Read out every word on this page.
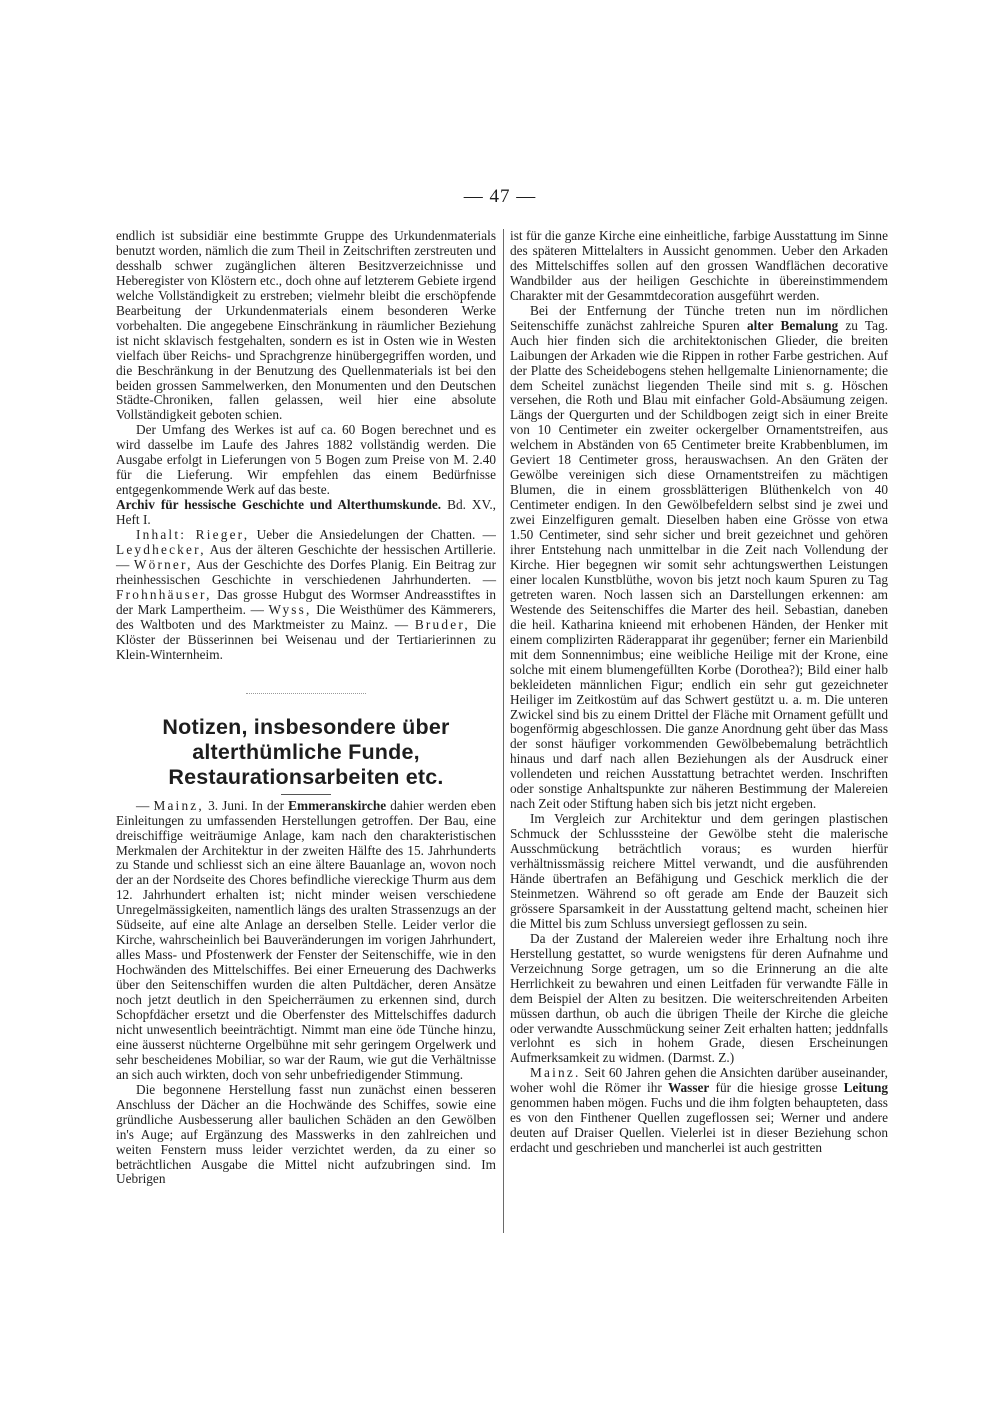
— 47 —

endlich ist subsidiär eine bestimmte Gruppe des Urkundenmaterials benutzt worden, nämlich die zum Theil in Zeitschriften zerstreuten und desshalb schwer zugänglichen älteren Besitzverzeichnisse und Heberegister von Klöstern etc., doch ohne auf letzterem Gebiete irgend welche Vollständigkeit zu erstreben; vielmehr bleibt die erschöpfende Bearbeitung der Urkundenmaterials einem besonderen Werke vorbehalten. Die angegebene Einschränkung in räumlicher Beziehung ist nicht sklavisch festgehalten, sondern es ist in Osten wie in Westen vielfach über Reichs- und Sprachgrenze hinübergegriffen worden, und die Beschränkung in der Benutzung des Quellenmaterials ist bei den beiden grossen Sammelwerken, den Monumenten und den Deutschen Städte-Chroniken, fallen gelassen, weil hier eine absolute Vollständigkeit geboten schien.

Der Umfang des Werkes ist auf ca. 60 Bogen berechnet und es wird dasselbe im Laufe des Jahres 1882 vollständig werden. Die Ausgabe erfolgt in Lieferungen von 5 Bogen zum Preise von M. 2.40 für die Lieferung. Wir empfehlen das einem Bedürfnisse entgegenkommende Werk auf das beste.

Archiv für hessische Geschichte und Alterthumskunde. Bd. XV., Heft I.

Inhalt: Rieger, Ueber die Ansiedelungen der Chatten. — Leydhecker, Aus der älteren Geschichte der hessischen Artillerie. — Wörner, Aus der Geschichte des Dorfes Planig. Ein Beitrag zur rheinhessischen Geschichte in verschiedenen Jahrhunderten. — Frohnhäuser, Das grosse Hubgut des Wormser Andreasstiftes in der Mark Lampertheim. — Wyss, Die Weisthümer des Kämmerers, des Waltboten und des Marktmeister zu Mainz. — Bruder, Die Klöster der Büsserinnen bei Weisenau und der Tertiarierinnen zu Klein-Winternheim.

Notizen, insbesondere über alterthümliche Funde, Restaurationsarbeiten etc.

— Mainz, 3. Juni. In der Emmeranskirche dahier werden eben Einleitungen zu umfassenden Herstellungen getroffen. Der Bau, eine dreischiffige weiträumige Anlage, kam nach den charakteristischen Merkmalen der Architektur in der zweiten Hälfte des 15. Jahrhunderts zu Stande und schliesst sich an eine ältere Bauanlage an, wovon noch der an der Nordseite des Chores befindliche viereckige Thurm aus dem 12. Jahrhundert erhalten ist; nicht minder weisen verschiedene Unregelmässigkeiten, namentlich längs des uralten Strassenzugs an der Südseite, auf eine alte Anlage an derselben Stelle. Leider verlor die Kirche, wahrscheinlich bei Bauveränderungen im vorigen Jahrhundert, alles Mass- und Pfostenwerk der Fenster der Seitenschiffe, wie in den Hochwänden des Mittelschiffes. Bei einer Erneuerung des Dachwerks über den Seitenschiffen wurden die alten Pultdächer, deren Ansätze noch jetzt deutlich in den Speicherräumen zu erkennen sind, durch Schopfdächer ersetzt und die Oberfenster des Mittelschiffes dadurch nicht unwesentlich beeinträchtigt. Nimmt man eine öde Tünche hinzu, eine äusserst nüchterne Orgelbühne mit sehr geringem Orgelwerk und sehr bescheidenes Mobiliar, so war der Raum, wie gut die Verhältnisse an sich auch wirkten, doch von sehr unbefriedigender Stimmung.

Die begonnene Herstellung fasst nun zunächst einen besseren Anschluss der Dächer an die Hochwände des Schiffes, sowie eine gründliche Ausbesserung aller baulichen Schäden an den Gewölben in's Auge; auf Ergänzung des Masswerks in den zahlreichen und weiten Fenstern muss leider verzichtet werden, da zu einer so beträchtlichen Ausgabe die Mittel nicht aufzubringen sind. Im Uebrigen

ist für die ganze Kirche eine einheitliche, farbige Ausstattung im Sinne des späteren Mittelalters in Aussicht genommen. Ueber den Arkaden des Mittelschiffes sollen auf den grossen Wandflächen decorative Wandbilder aus der heiligen Geschichte in übereinstimmendem Charakter mit der Gesammtdecoration ausgeführt werden.

Bei der Entfernung der Tünche treten nun im nördlichen Seitenschiffe zunächst zahlreiche Spuren alter Bemalung zu Tag. Auch hier finden sich die architektonischen Glieder, die breiten Laibungen der Arkaden wie die Rippen in rother Farbe gestrichen. Auf der Platte des Scheidebogens stehen hellgemalte Linienornamente; die dem Scheitel zunächst liegenden Theile sind mit s. g. Höschen versehen, die Roth und Blau mit einfacher Gold-Absäumung zeigen. Längs der Quergurten und der Schildbogen zeigt sich in einer Breite von 10 Centimeter ein zweiter ockergelber Ornamentstreifen, aus welchem in Abständen von 65 Centimeter breite Krabbenblumen, im Geviert 18 Centimeter gross, herauswachsen. An den Gräten der Gewölbe vereinigen sich diese Ornamentstreifen zu mächtigen Blumen, die in einem grossblätterigen Blüthenkelch von 40 Centimeter endigen. In den Gewölbefeldern selbst sind je zwei und zwei Einzelfiguren gemalt. Dieselben haben eine Grösse von etwa 1.50 Centimeter, sind sehr sicher und breit gezeichnet und gehören ihrer Entstehung nach unmittelbar in die Zeit nach Vollendung der Kirche. Hier begegnen wir somit sehr achtungswerthen Leistungen einer localen Kunstblüthe, wovon bis jetzt noch kaum Spuren zu Tag getreten waren. Noch lassen sich an Darstellungen erkennen: am Westende des Seitenschiffes die Marter des heil. Sebastian, daneben die heil. Katharina knieend mit erhobenen Händen, der Henker mit einem complizirten Räderapparat ihr gegenüber; ferner ein Marienbild mit dem Sonnennimbus; eine weibliche Heilige mit der Krone, eine solche mit einem blumengefüllten Korbe (Dorothea?); Bild einer halb bekleideten männlichen Figur; endlich ein sehr gut gezeichneter Heiliger im Zeitkostüm auf das Schwert gestützt u. a. m. Die unteren Zwickel sind bis zu einem Drittel der Fläche mit Ornament gefüllt und bogenförmig abgeschlossen. Die ganze Anordnung geht über das Mass der sonst häufiger vorkommenden Gewölbebemalung beträchtlich hinaus und darf nach allen Beziehungen als der Ausdruck einer vollendeten und reichen Ausstattung betrachtet werden. Inschriften oder sonstige Anhaltspunkte zur näheren Bestimmung der Malereien nach Zeit oder Stiftung haben sich bis jetzt nicht ergeben.

Im Vergleich zur Architektur und dem geringen plastischen Schmuck der Schlusssteine der Gewölbe steht die malerische Ausschmückung beträchtlich voraus; es wurden hierfür verhältnissmässig reichere Mittel verwandt, und die ausführenden Hände übertrafen an Befähigung und Geschick merklich die der Steinmetzen. Während so oft gerade am Ende der Bauzeit sich grössere Sparsamkeit in der Ausstattung geltend macht, scheinen hier die Mittel bis zum Schluss unversiegt geflossen zu sein.

Da der Zustand der Malereien weder ihre Erhaltung noch ihre Herstellung gestattet, so wurde wenigstens für deren Aufnahme und Verzeichnung Sorge getragen, um so die Erinnerung an die alte Herrlichkeit zu bewahren und einen Leitfaden für verwandte Fälle in dem Beispiel der Alten zu besitzen. Die weiterschreitenden Arbeiten müssen darthun, ob auch die übrigen Theile der Kirche die gleiche oder verwandte Ausschmückung seiner Zeit erhalten hatten; jeddnfalls verlohnt es sich in hohem Grade, diesen Erscheinungen Aufmerksamkeit zu widmen. (Darmst. Z.)

Mainz. Seit 60 Jahren gehen die Ansichten darüber auseinander, woher wohl die Römer ihr Wasser für die hiesige grosse Leitung genommen haben mögen. Fuchs und die ihm folgten behaupteten, dass es von den Finthener Quellen zugeflossen sei; Werner und andere deuten auf Draiser Quellen. Vielerlei ist in dieser Beziehung schon erdacht und geschrieben und mancherlei ist auch gestritten
